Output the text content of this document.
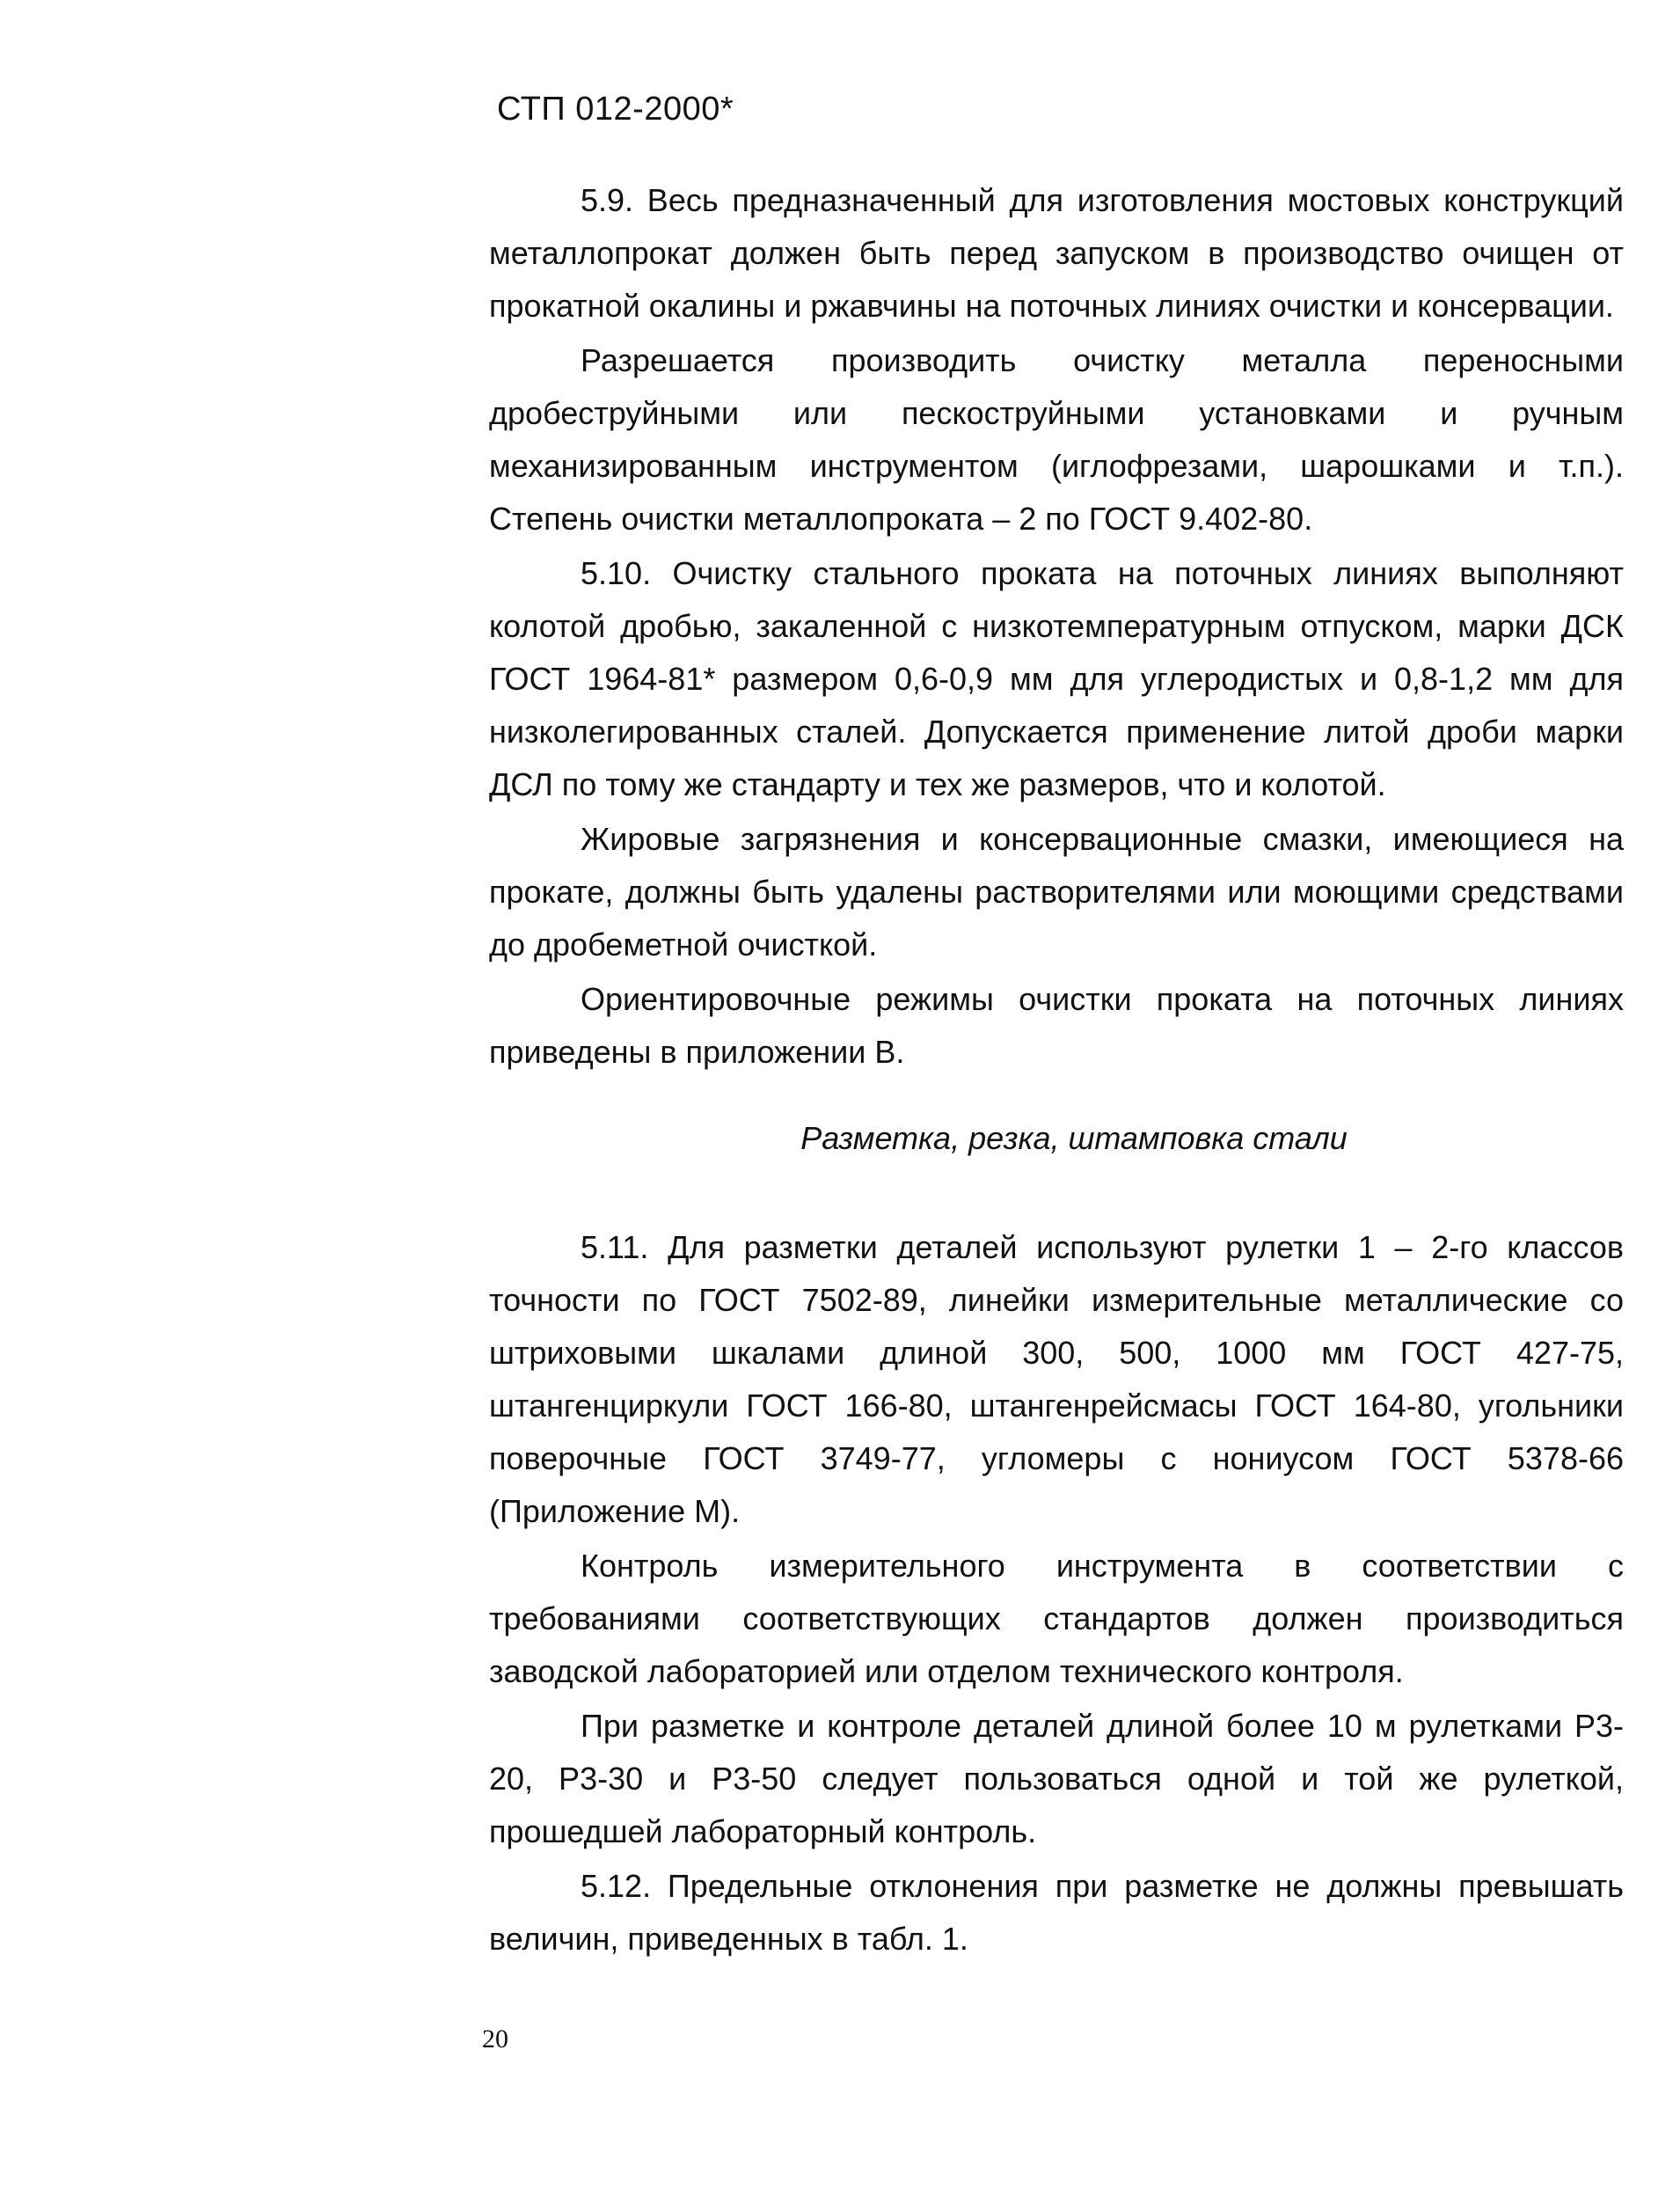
СТП 012-2000*

5.9. Весь предназначенный для изготовления мостовых конструкций металлопрокат должен быть перед запуском в производство очищен от прокатной окалины и ржавчины на поточных линиях очистки и консервации.

Разрешается производить очистку металла переносными дробеструйными или пескоструйными установками и ручным механизированным инструментом (иглофрезами, шарошками и т.п.). Степень очистки металлопроката – 2 по ГОСТ 9.402-80.

5.10. Очистку стального проката на поточных линиях выполняют колотой дробью, закаленной с низкотемпературным отпуском, марки ДСК ГОСТ 1964-81* размером 0,6-0,9 мм для углеродистых и 0,8-1,2 мм для низколегированных сталей. Допускается применение литой дроби марки ДСЛ по тому же стандарту и тех же размеров, что и колотой.

Жировые загрязнения и консервационные смазки, имеющиеся на прокате, должны быть удалены растворителями или моющими средствами до дробеметной очисткой.

Ориентировочные режимы очистки проката на поточных линиях приведены в приложении В.

Разметка, резка, штамповка стали

5.11. Для разметки деталей используют рулетки 1 – 2-го классов точности по ГОСТ 7502-89, линейки измерительные металлические со штриховыми шкалами длиной 300, 500, 1000 мм ГОСТ 427-75, штангенциркули ГОСТ 166-80, штангенрейсмасы ГОСТ 164-80, угольники поверочные ГОСТ 3749-77, угломеры с нониусом ГОСТ 5378-66 (Приложение М).

Контроль измерительного инструмента в соответствии с требованиями соответствующих стандартов должен производиться заводской лабораторией или отделом технического контроля.

При разметке и контроле деталей длиной более 10 м рулетками Р3-20, Р3-30 и Р3-50 следует пользоваться одной и той же рулеткой, прошедшей лабораторный контроль.

5.12. Предельные отклонения при разметке не должны превышать величин, приведенных в табл. 1.

20
